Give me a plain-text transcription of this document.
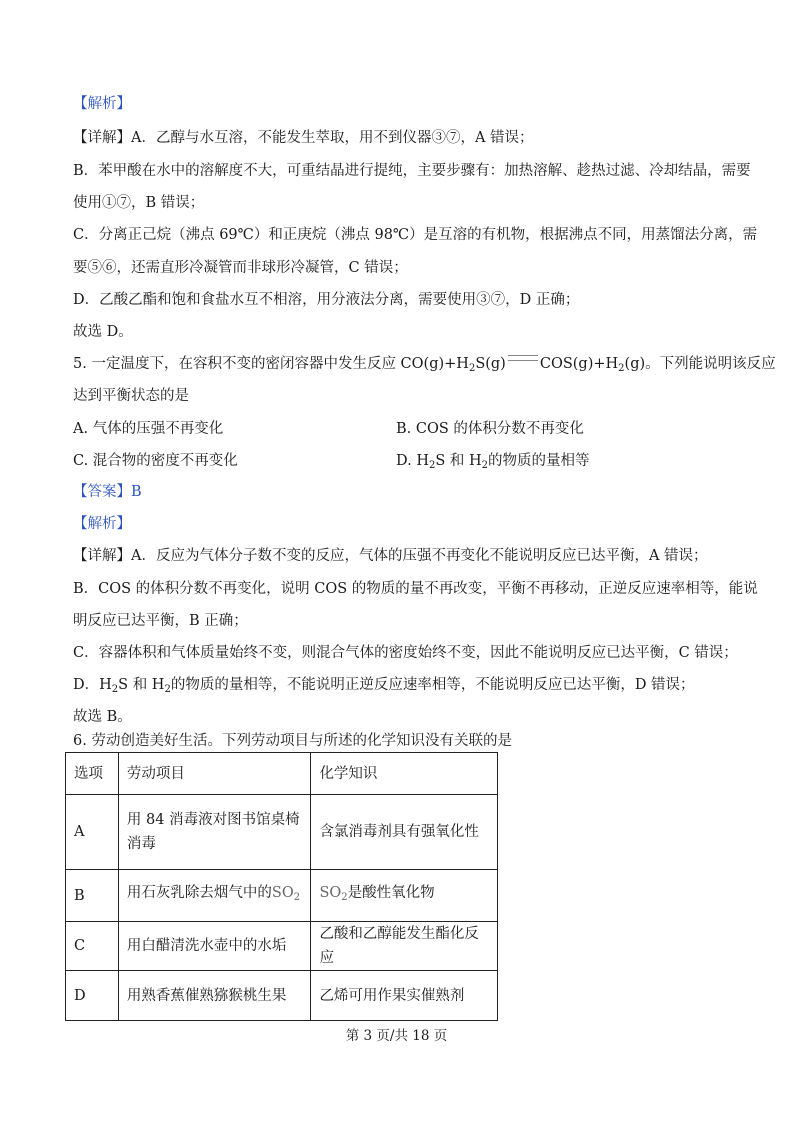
【解析】
【详解】A．乙醇与水互溶，不能发生萃取，用不到仪器③⑦，A 错误；
B．苯甲酸在水中的溶解度不大，可重结晶进行提纯，主要步骤有：加热溶解、趁热过滤、冷却结晶，需要
使用①⑦，B 错误；
C．分离正己烷（沸点 69℃）和正庚烷（沸点 98℃）是互溶的有机物，根据沸点不同，用蒸馏法分离，需
要⑤⑥，还需直形冷凝管而非球形冷凝管，C 错误；
D．乙酸乙酯和饱和食盐水互不相溶，用分液法分离，需要使用③⑦，D 正确；
故选 D。
5. 一定温度下，在容积不变的密闭容器中发生反应 $CO(g)+H_2S(g)$ $COS(g)+H_2(g)$。下列能说明该反应
达到平衡状态的是
A. 气体的压强不再变化	B. COS 的体积分数不再变化
C. 混合物的密度不再变化	D. $H_2S$ 和 $H_2$的物质的量相等
【答案】B
【解析】
【详解】A．反应为气体分子数不变的反应，气体的压强不再变化不能说明反应已达平衡，A 错误；
B．COS 的体积分数不再变化，说明 COS 的物质的量不再改变，平衡不再移动，正逆反应速率相等，能说
明反应已达平衡，B 正确；
C．容器体积和气体质量始终不变，则混合气体的密度始终不变，因此不能说明反应已达平衡，C 错误；
D．$H_2S$ 和 $H_2$的物质的量相等，不能说明正逆反应速率相等，不能说明反应已达平衡，D 错误；
故选 B。
6. 劳动创造美好生活。下列劳动项目与所述的化学知识没有关联的是
选项	劳动项目	化学知识
A	用 84 消毒液对图书馆桌椅消毒	含氯消毒剂具有强氧化性
B	用石灰乳除去烟气中的$SO_2$	$SO_2$是酸性氧化物
C	用白醋清洗水壶中的水垢	乙酸和乙醇能发生酯化反应
D	用熟香蕉催熟猕猴桃生果	乙烯可用作果实催熟剂
第 3 页/共 18 页
